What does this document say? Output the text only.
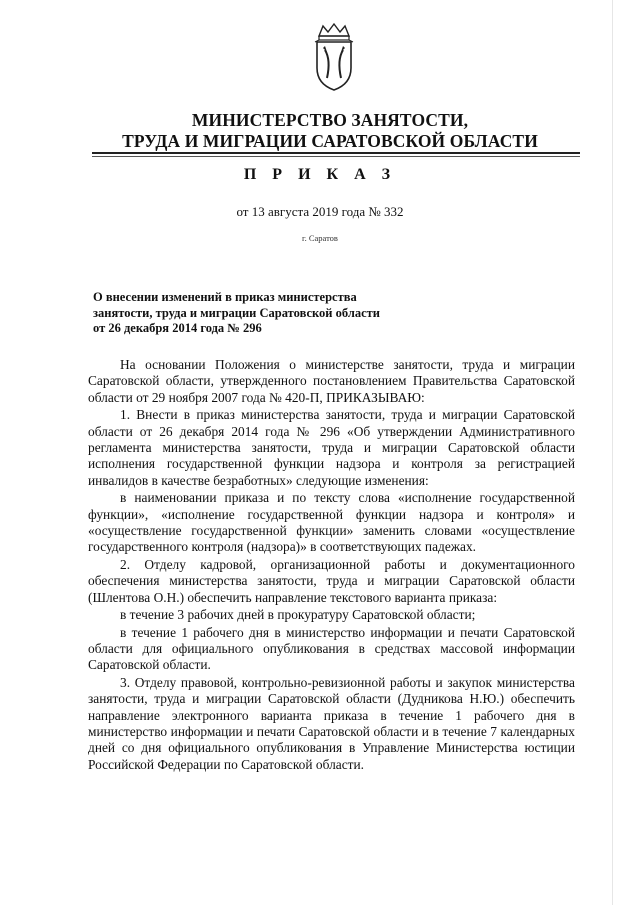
МИНИСТЕРСТВО ЗАНЯТОСТИ,
ТРУДА И МИГРАЦИИ САРАТОВСКОЙ ОБЛАСТИ
П Р И К А З
от 13 августа 2019 года № 332
г. Саратов
О внесении изменений в приказ министерства
занятости, труда и миграции Саратовской области
от 26 декабря 2014 года № 296

На основании Положения о министерстве занятости, труда и миграции Саратовской области, утвержденного постановлением Правительства Саратовской области от 29 ноября 2007 года № 420-П, ПРИКАЗЫВАЮ:

1. Внести в приказ министерства занятости, труда и миграции Саратовской области от 26 декабря 2014 года № 296 «Об утверждении Административного регламента министерства занятости, труда и миграции Саратовской области исполнения государственной функции надзора и контроля за регистрацией инвалидов в качестве безработных» следующие изменения:

в наименовании приказа и по тексту слова «исполнение государственной функции», «исполнение государственной функции надзора и контроля» и «осуществление государственной функции» заменить словами «осуществление государственного контроля (надзора)» в соответствующих падежах.

2. Отделу кадровой, организационной работы и документационного обеспечения министерства занятости, труда и миграции Саратовской области (Шлентова О.Н.) обеспечить направление текстового варианта приказа:

в течение 3 рабочих дней в прокуратуру Саратовской области;

в течение 1 рабочего дня в министерство информации и печати Саратовской области для официального опубликования в средствах массовой информации Саратовской области.

3. Отделу правовой, контрольно-ревизионной работы и закупок министерства занятости, труда и миграции Саратовской области (Дудникова Н.Ю.) обеспечить направление электронного варианта приказа в течение 1 рабочего дня в министерство информации и печати Саратовской области и в течение 7 календарных дней со дня официального опубликования в Управление Министерства юстиции Российской Федерации по Саратовской области.
